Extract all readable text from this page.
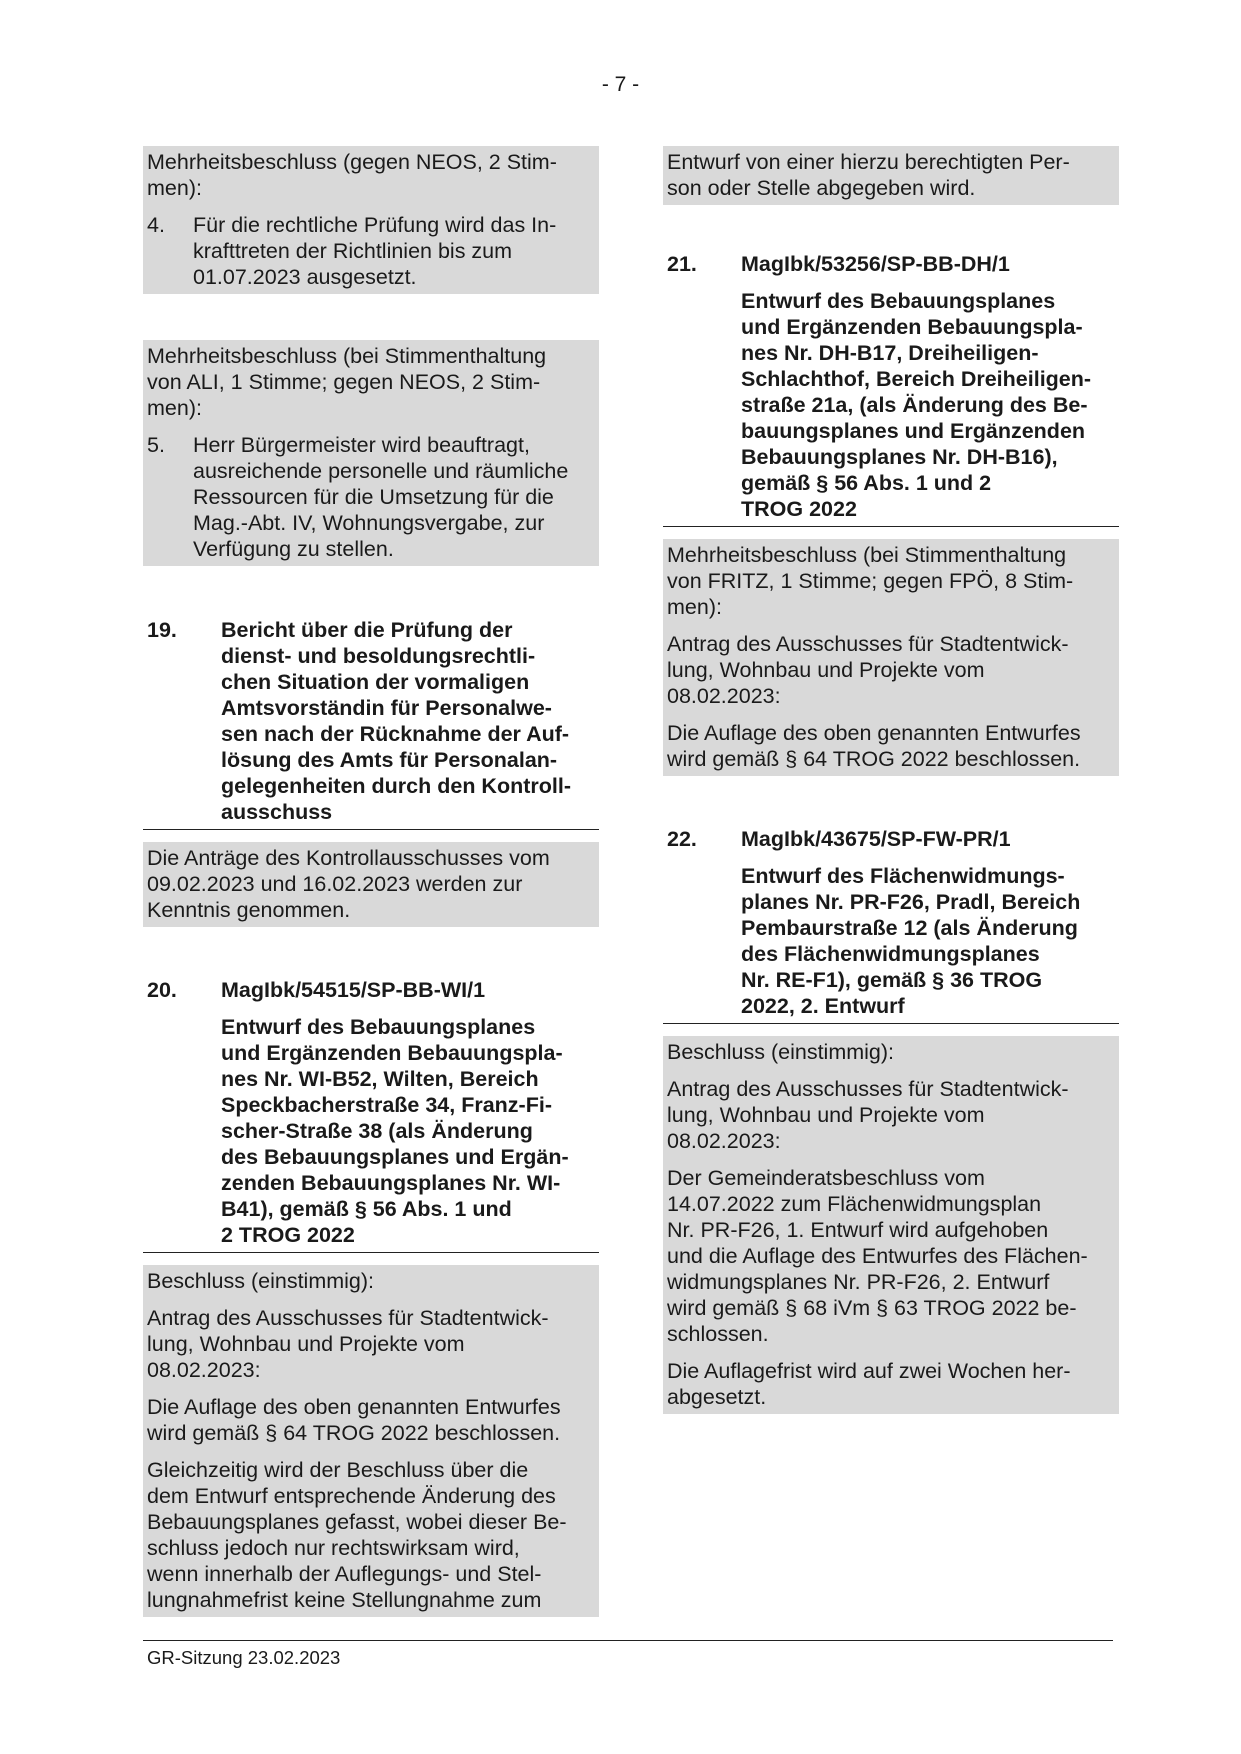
- 7 -

Mehrheitsbeschluss (gegen NEOS, 2 Stim-
men):

4.	Für die rechtliche Prüfung wird das In-
krafttreten der Richtlinien bis zum
01.07.2023 ausgesetzt.

Mehrheitsbeschluss (bei Stimmenthaltung
von ALI, 1 Stimme; gegen NEOS, 2 Stim-
men):

5.	Herr Bürgermeister wird beauftragt,
ausreichende personelle und räumliche
Ressourcen für die Umsetzung für die
Mag.-Abt. IV, Wohnungsvergabe, zur
Verfügung zu stellen.
19.	Bericht über die Prüfung der
dienst- und besoldungsrechtli-
chen Situation der vormaligen
Amtsvorständin für Personalwe-
sen nach der Rücknahme der Auf-
lösung des Amts für Personalan-
gelegenheiten durch den Kontroll-
ausschuss

Die Anträge des Kontrollausschusses vom
09.02.2023 und 16.02.2023 werden zur
Kenntnis genommen.

20.	MagIbk/54515/SP-BB-WI/1

Entwurf des Bebauungsplanes
und Ergänzenden Bebauungspla-
nes Nr. WI-B52, Wilten, Bereich
Speckbacherstraße 34, Franz-Fi-
scher-Straße 38 (als Änderung
des Bebauungsplanes und Ergän-
zenden Bebauungsplanes Nr. WI-
B41), gemäß § 56 Abs. 1 und
2 TROG 2022

Beschluss (einstimmig):

Antrag des Ausschusses für Stadtentwick-
lung, Wohnbau und Projekte vom
08.02.2023:

Die Auflage des oben genannten Entwurfes
wird gemäß § 64 TROG 2022 beschlossen.

Gleichzeitig wird der Beschluss über die
dem Entwurf entsprechende Änderung des
Bebauungsplanes gefasst, wobei dieser Be-
schluss jedoch nur rechtswirksam wird,
wenn innerhalb der Auflegungs- und Stel-
lungnahmefrist keine Stellungnahme zum

Entwurf von einer hierzu berechtigten Per-
son oder Stelle abgegeben wird.

21.	MagIbk/53256/SP-BB-DH/1

Entwurf des Bebauungsplanes
und Ergänzenden Bebauungspla-
nes Nr. DH-B17, Dreiheiligen-
Schlachthof, Bereich Dreiheiligen-
straße 21a, (als Änderung des Be-
bauungsplanes und Ergänzenden
Bebauungsplanes Nr. DH-B16),
gemäß § 56 Abs. 1 und 2
TROG 2022

Mehrheitsbeschluss (bei Stimmenthaltung
von FRITZ, 1 Stimme; gegen FPÖ, 8 Stim-
men):

Antrag des Ausschusses für Stadtentwick-
lung, Wohnbau und Projekte vom
08.02.2023:

Die Auflage des oben genannten Entwurfes
wird gemäß § 64 TROG 2022 beschlossen.

22.	MagIbk/43675/SP-FW-PR/1

Entwurf des Flächenwidmungs-
planes Nr. PR-F26, Pradl, Bereich
Pembaurstraße 12 (als Änderung
des Flächenwidmungsplanes
Nr. RE-F1), gemäß § 36 TROG
2022, 2. Entwurf

Beschluss (einstimmig):

Antrag des Ausschusses für Stadtentwick-
lung, Wohnbau und Projekte vom
08.02.2023:

Der Gemeinderatsbeschluss vom
14.07.2022 zum Flächenwidmungsplan
Nr. PR-F26, 1. Entwurf wird aufgehoben
und die Auflage des Entwurfes des Flächen-
widmungsplanes Nr. PR-F26, 2. Entwurf
wird gemäß § 68 iVm § 63 TROG 2022 be-
schlossen.

Die Auflagefrist wird auf zwei Wochen her-
abgesetzt.

GR-Sitzung 23.02.2023
